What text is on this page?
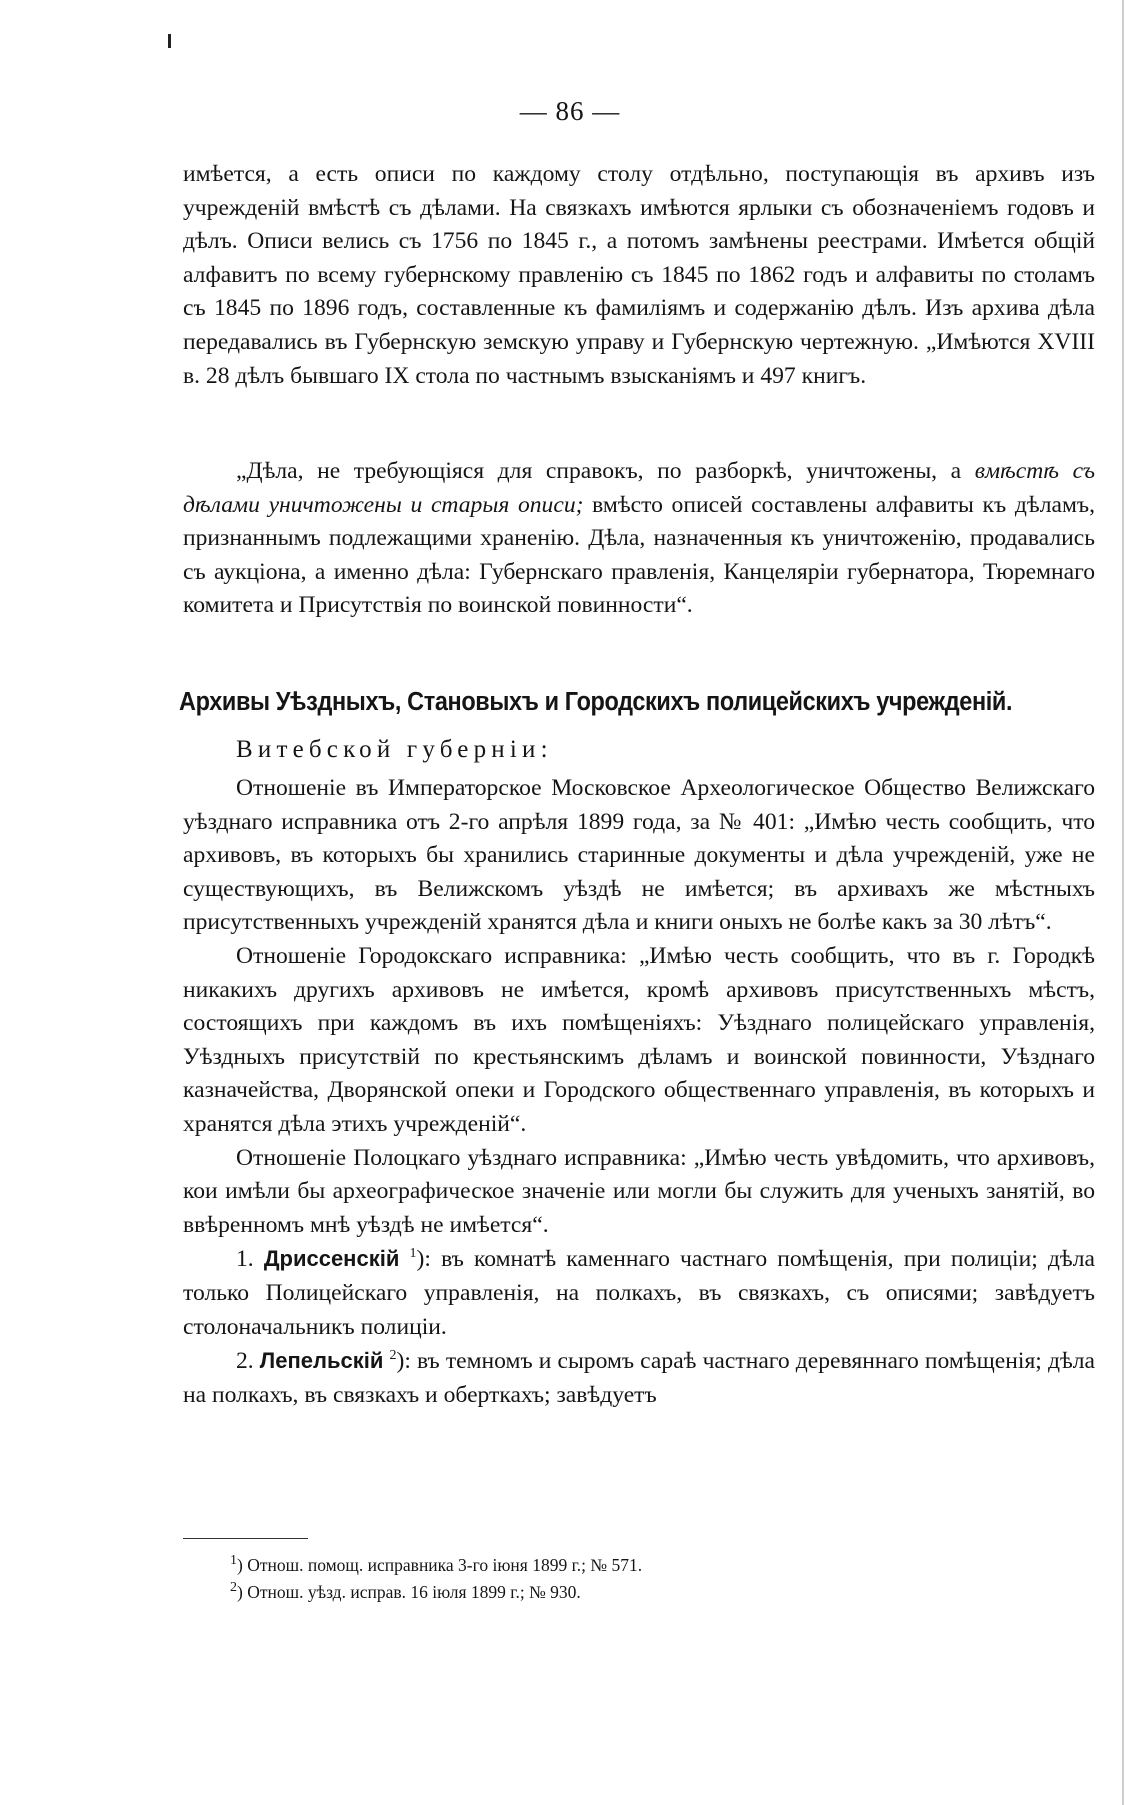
— 86 —

имѣется, а есть описи по каждому столу отдѣльно, поступающія въ архивъ изъ учрежденій вмѣстѣ съ дѣлами. На связкахъ имѣются ярлыки съ обозначеніемъ годовъ и дѣлъ. Описи велись съ 1756 по 1845 г., а потомъ замѣнены реестрами. Имѣется общій алфавитъ по всему губернскому правленію съ 1845 по 1862 годъ и алфавиты по столамъ съ 1845 по 1896 годъ, составленные къ фамиліямъ и содержанію дѣлъ. Изъ архива дѣла передавались въ Губернскую земскую управу и Губернскую чертежную. „Имѣются XVIII в. 28 дѣлъ бывшаго IX стола по частнымъ взысканіямъ и 497 книгъ.

„Дѣла, не требующіяся для справокъ, по разборкѣ, уничтожены, а вмѣстѣ съ дѣлами уничтожены и старыя описи; вмѣсто описей составлены алфавиты къ дѣламъ, признаннымъ подлежащими храненію. Дѣла, назначенныя къ уничтоженію, продавались съ аукціона, а именно дѣла: Губернскаго правленія, Канцеляріи губернатора, Тюремнаго комитета и Присутствія по воинской повинности“.

Архивы Уѣздныхъ, Становыхъ и Городскихъ полицейскихъ учрежденій.
Витебской губерніи:

Отношеніе въ Императорское Московское Археологическое Общество Велижскаго уѣзднаго исправника отъ 2-го апрѣля 1899 года, за № 401: „Имѣю честь сообщить, что архивовъ, въ которыхъ бы хранились старинные документы и дѣла учрежденій, уже не существующихъ, въ Велижскомъ уѣздѣ не имѣется; въ архивахъ же мѣстныхъ присутственныхъ учрежденій хранятся дѣла и книги оныхъ не болѣе какъ за 30 лѣтъ“.

Отношеніе Городокскаго исправника: „Имѣю честь сообщить, что въ г. Городкѣ никакихъ другихъ архивовъ не имѣется, кромѣ архивовъ присутственныхъ мѣстъ, состоящихъ при каждомъ въ ихъ помѣщеніяхъ: Уѣзднаго полицейскаго управленія, Уѣздныхъ присутствій по крестьянскимъ дѣламъ и воинской повинности, Уѣзднаго казначейства, Дворянской опеки и Городского общественнаго управленія, въ которыхъ и хранятся дѣла этихъ учрежденій“.

Отношеніе Полоцкаго уѣзднаго исправника: „Имѣю честь увѣдомить, что архивовъ, кои имѣли бы археографическое значеніе или могли бы служить для ученыхъ занятій, во ввѣренномъ мнѣ уѣздѣ не имѣется“.

1. Дриссенскій $^1$): въ комнатѣ каменнаго частнаго помѣщенія, при полиціи; дѣла только Полицейскаго управленія, на полкахъ, въ связкахъ, съ описями; завѣдуетъ столоначальникъ полиціи.

2. Лепельскій $^2$): въ темномъ и сыромъ сараѣ частнаго деревяннаго помѣщенія; дѣла на полкахъ, въ связкахъ и оберткахъ; завѣдуетъ

$^1$) Отнош. помощ. исправника 3-го іюня 1899 г.; № 571.

$^2$) Отнош. уѣзд. исправ. 16 іюля 1899 г.; № 930.
